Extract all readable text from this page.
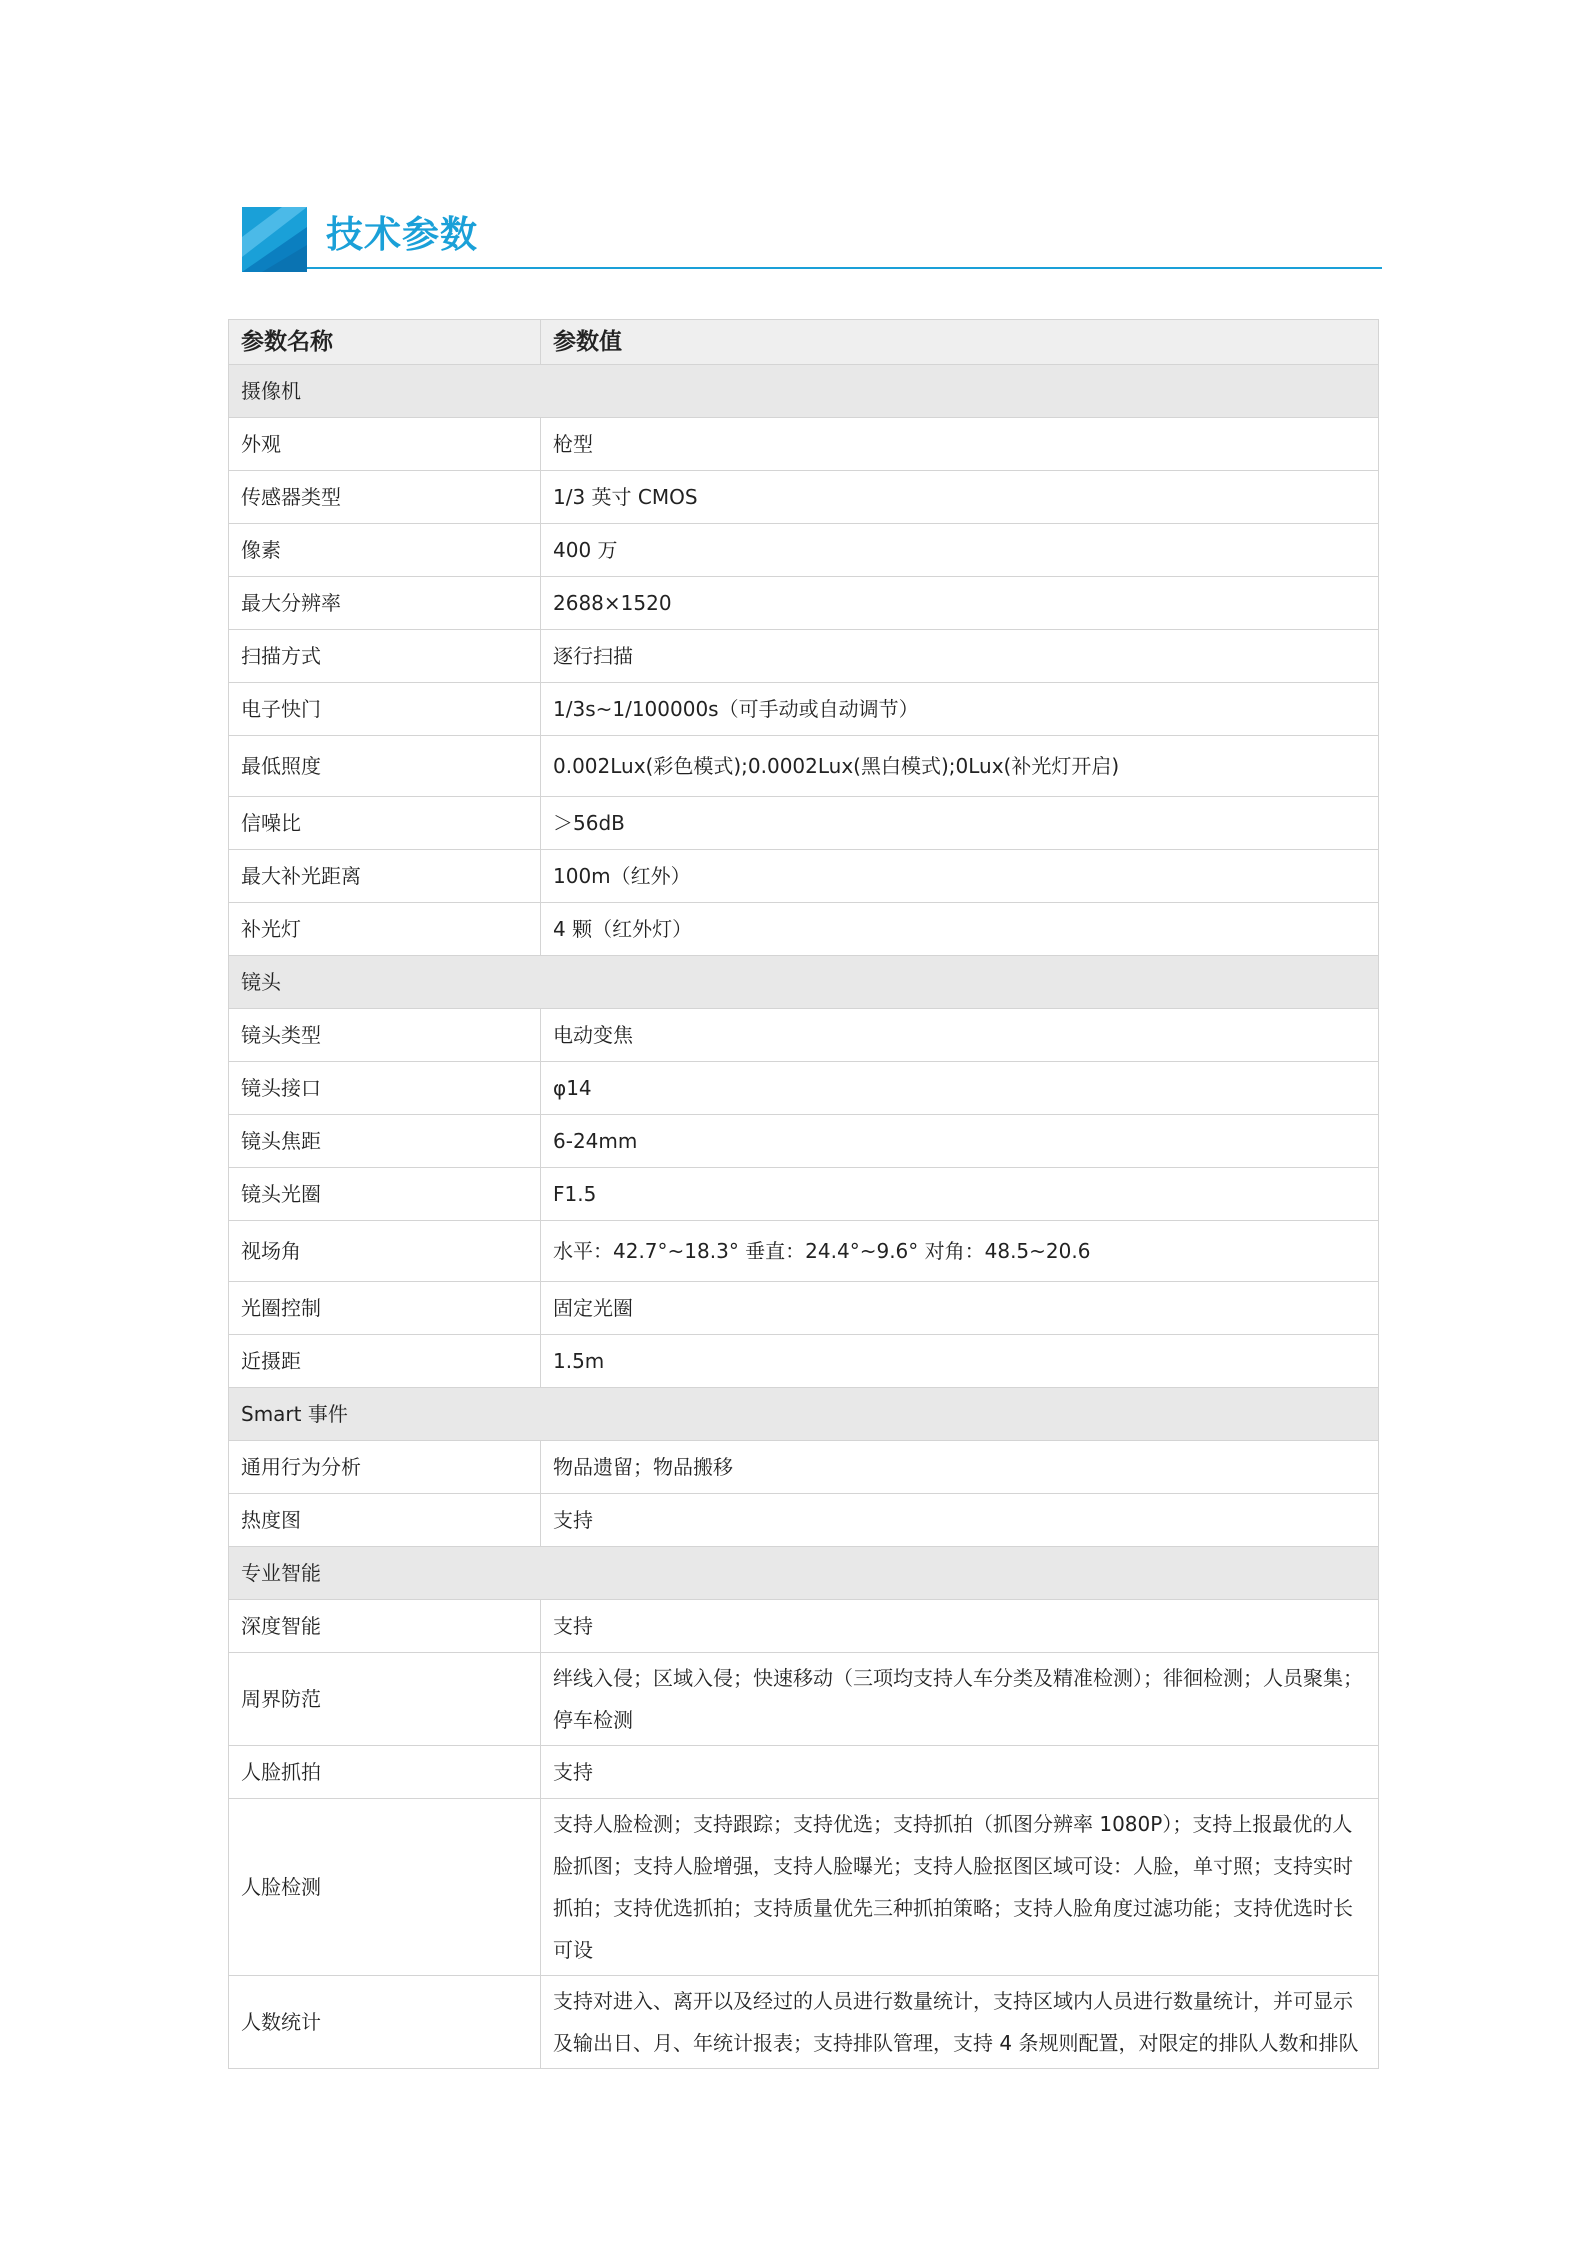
技术参数
参数名称	参数值
摄像机	
外观	枪型
传感器类型	1/3 英寸 CMOS
像素	400 万
最大分辨率	2688×1520
扫描方式	逐行扫描
电子快门	1/3s~1/100000s（可手动或自动调节）
最低照度	0.002Lux(彩色模式);0.0002Lux(黑白模式);0Lux(补光灯开启)
信噪比	＞56dB
最大补光距离	100m（红外）
补光灯	4 颗（红外灯）
镜头	
镜头类型	电动变焦
镜头接口	φ14
镜头焦距	6-24mm
镜头光圈	F1.5
视场角	水平：42.7°~18.3° 垂直：24.4°~9.6° 对角：48.5~20.6
光圈控制	固定光圈
近摄距	1.5m
Smart 事件	
通用行为分析	物品遗留；物品搬移
热度图	支持
专业智能	
深度智能	支持
周界防范	绊线入侵；区域入侵；快速移动（三项均支持人车分类及精准检测）；徘徊检测；人员聚集；停车检测
人脸抓拍	支持
人脸检测	支持人脸检测；支持跟踪；支持优选；支持抓拍（抓图分辨率 1080P）；支持上报最优的人脸抓图；支持人脸增强，支持人脸曝光；支持人脸抠图区域可设：人脸，单寸照；支持实时抓拍；支持优选抓拍；支持质量优先三种抓拍策略；支持人脸角度过滤功能；支持优选时长可设
人数统计	支持对进入、离开以及经过的人员进行数量统计，支持区域内人员进行数量统计，并可显示及输出日、月、年统计报表；支持排队管理，支持 4 条规则配置，对限定的排队人数和排队
